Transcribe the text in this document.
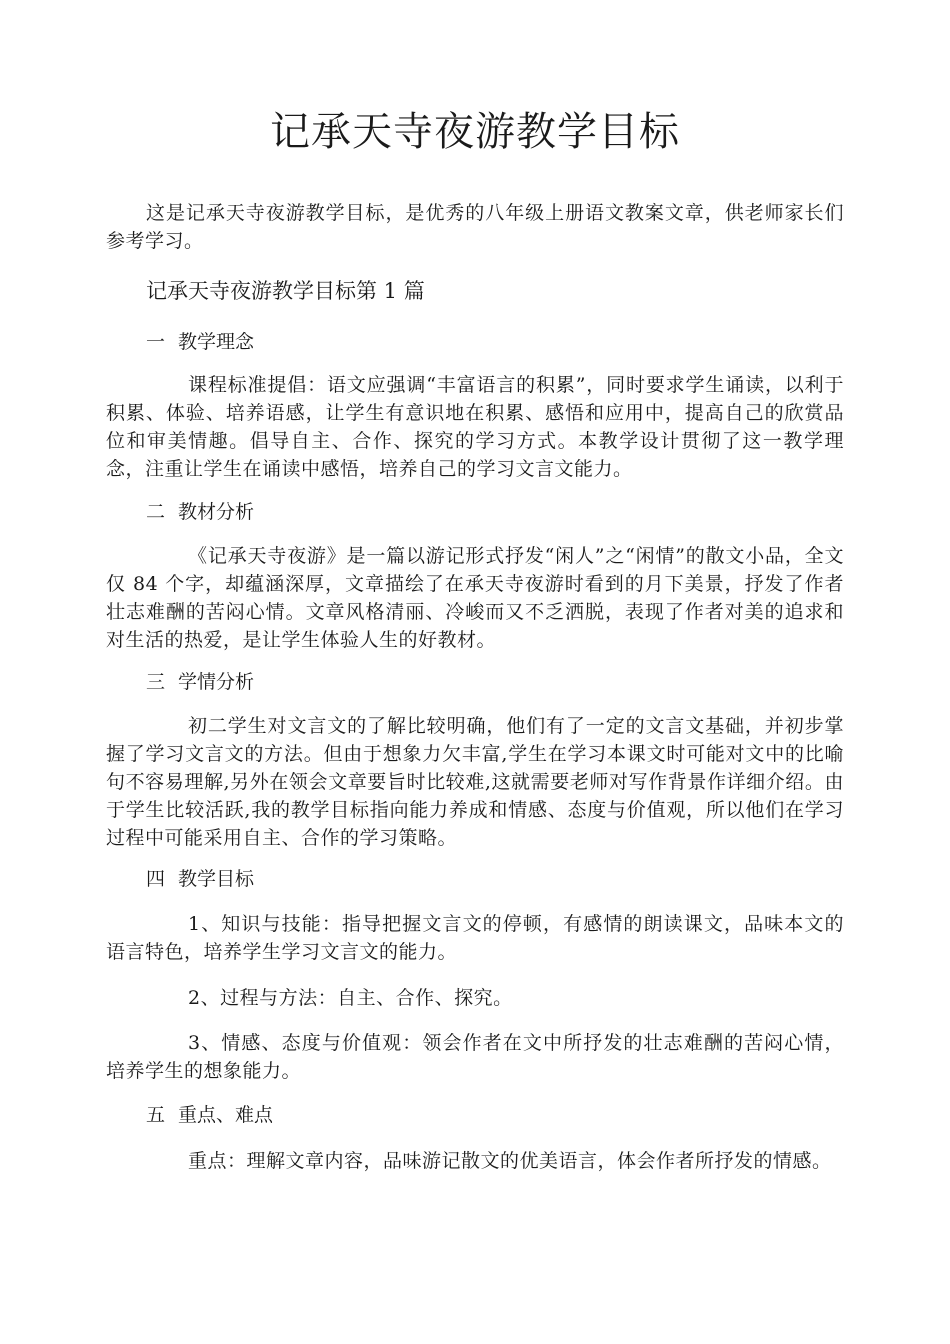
记承天寺夜游教学目标

这是记承天寺夜游教学目标，是优秀的八年级上册语文教案文章，供老师家长们参考学习。

记承天寺夜游教学目标第 1 篇
一 教学理念

课程标准提倡：语文应强调“丰富语言的积累”，同时要求学生诵读，以利于积累、体验、培养语感，让学生有意识地在积累、感悟和应用中，提高自己的欣赏品位和审美情趣。倡导自主、合作、探究的学习方式。本教学设计贯彻了这一教学理念，注重让学生在诵读中感悟，培养自己的学习文言文能力。

二 教材分析

《记承天寺夜游》是一篇以游记形式抒发“闲人”之“闲情”的散文小品，全文仅 84 个字，却蕴涵深厚，文章描绘了在承天寺夜游时看到的月下美景，抒发了作者壮志难酬的苦闷心情。文章风格清丽、冷峻而又不乏洒脱，表现了作者对美的追求和对生活的热爱，是让学生体验人生的好教材。

三 学情分析

初二学生对文言文的了解比较明确，他们有了一定的文言文基础，并初步掌握了学习文言文的方法。但由于想象力欠丰富,学生在学习本课文时可能对文中的比喻句不容易理解,另外在领会文章要旨时比较难,这就需要老师对写作背景作详细介绍。由于学生比较活跃,我的教学目标指向能力养成和情感、态度与价值观，所以他们在学习过程中可能采用自主、合作的学习策略。

四 教学目标

1、知识与技能：指导把握文言文的停顿，有感情的朗读课文，品味本文的语言特色，培养学生学习文言文的能力。

2、过程与方法：自主、合作、探究。

3、情感、态度与价值观：领会作者在文中所抒发的壮志难酬的苦闷心情，培养学生的想象能力。

五 重点、难点

重点：理解文章内容，品味游记散文的优美语言，体会作者所抒发的情感。
